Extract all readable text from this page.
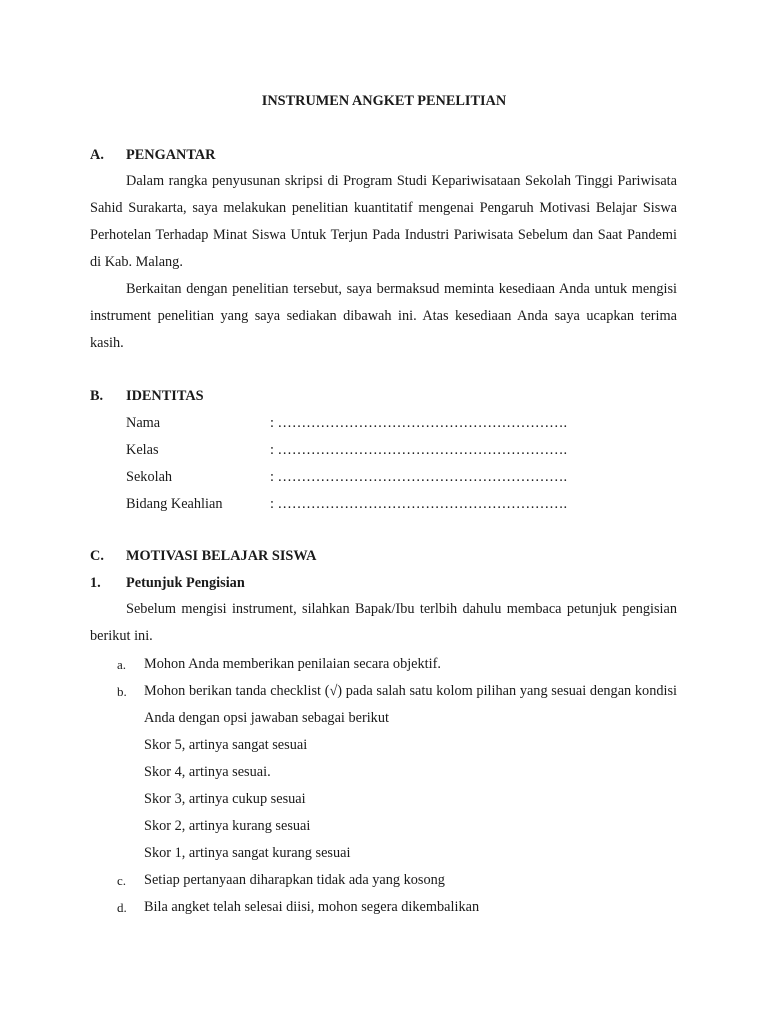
INSTRUMEN ANGKET PENELITIAN
A. PENGANTAR

Dalam rangka penyusunan skripsi di Program Studi Kepariwisataan Sekolah Tinggi Pariwisata Sahid Surakarta, saya melakukan penelitian kuantitatif mengenai Pengaruh Motivasi Belajar Siswa Perhotelan Terhadap Minat Siswa Untuk Terjun Pada Industri Pariwisata Sebelum dan Saat Pandemi di Kab. Malang.

Berkaitan dengan penelitian tersebut, saya bermaksud meminta kesediaan Anda untuk mengisi instrument penelitian yang saya sediakan dibawah ini. Atas kesediaan Anda saya ucapkan terima kasih.

B. IDENTITAS
Nama	: …………………………………………………….
Kelas	: …………………………………………………….
Sekolah	: …………………………………………………….
Bidang Keahlian	: …………………………………………………….
C. MOTIVASI BELAJAR SISWA
1. Petunjuk Pengisian

Sebelum mengisi instrument, silahkan Bapak/Ibu terlbih dahulu membaca petunjuk pengisian berikut ini.

a. Mohon Anda memberikan penilaian secara objektif.

b. Mohon berikan tanda checklist (√) pada salah satu kolom pilihan yang sesuai dengan kondisi Anda dengan opsi jawaban sebagai berikut

Skor 5, artinya sangat sesuai
Skor 4, artinya sesuai.
Skor 3, artinya cukup sesuai
Skor 2, artinya kurang sesuai
Skor 1, artinya sangat kurang sesuai
c. Setiap pertanyaan diharapkan tidak ada yang kosong

d. Bila angket telah selesai diisi, mohon segera dikembalikan
